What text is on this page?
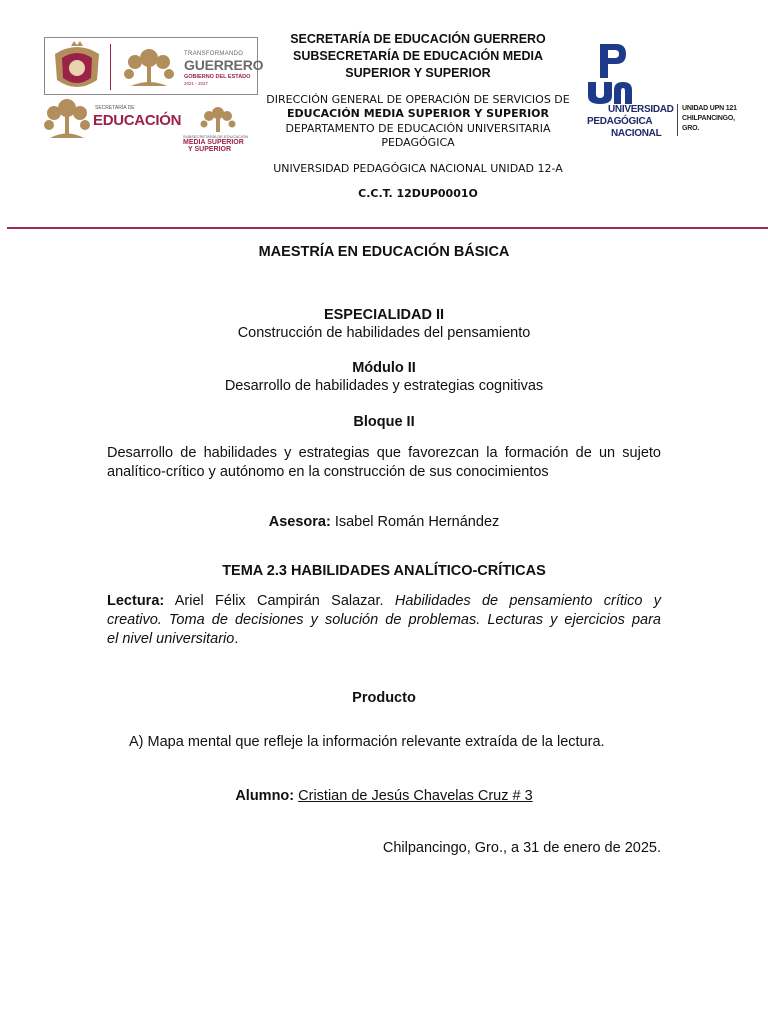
TRANSFORMANDO
GUERRERO
GOBIERNO DEL ESTADO
2021 - 2027
SECRETARÍA DE
EDUCACIÓN
SUBSECRETARÍA DE EDUCACIÓN
MEDIA SUPERIOR
Y SUPERIOR
SECRETARÍA DE EDUCACIÓN GUERRERO
SUBSECRETARÍA DE EDUCACIÓN MEDIA
SUPERIOR Y SUPERIOR
DIRECCIÓN GENERAL DE OPERACIÓN DE SERVICIOS DE
EDUCACIÓN MEDIA SUPERIOR Y SUPERIOR
DEPARTAMENTO DE EDUCACIÓN UNIVERSITARIA
PEDAGÓGICA
UNIVERSIDAD PEDAGÓGICA NACIONAL UNIDAD 12-A
C.C.T. 12DUP0001O
UNIVERSIDAD
PEDAGÓGICA
NACIONAL
UNIDAD UPN 121
CHILPANCINGO,
GRO.
MAESTRÍA EN EDUCACIÓN BÁSICA
ESPECIALIDAD II
Construcción de habilidades del pensamiento
Módulo II
Desarrollo de habilidades y estrategias cognitivas
Bloque II
Desarrollo de habilidades y estrategias que favorezcan la formación de un sujeto
analítico-crítico y autónomo en la construcción de sus conocimientos
Asesora: Isabel Román Hernández
TEMA 2.3 HABILIDADES ANALÍTICO-CRÍTICAS
Lectura: Ariel Félix Campirán Salazar. Habilidades de pensamiento crítico y
creativo. Toma de decisiones y solución de problemas. Lecturas y ejercicios para
el nivel universitario.
Producto
A) Mapa mental que refleje la información relevante extraída de la lectura.
Alumno: Cristian de Jesús Chavelas Cruz # 3
Chilpancingo, Gro., a 31 de enero de 2025.
